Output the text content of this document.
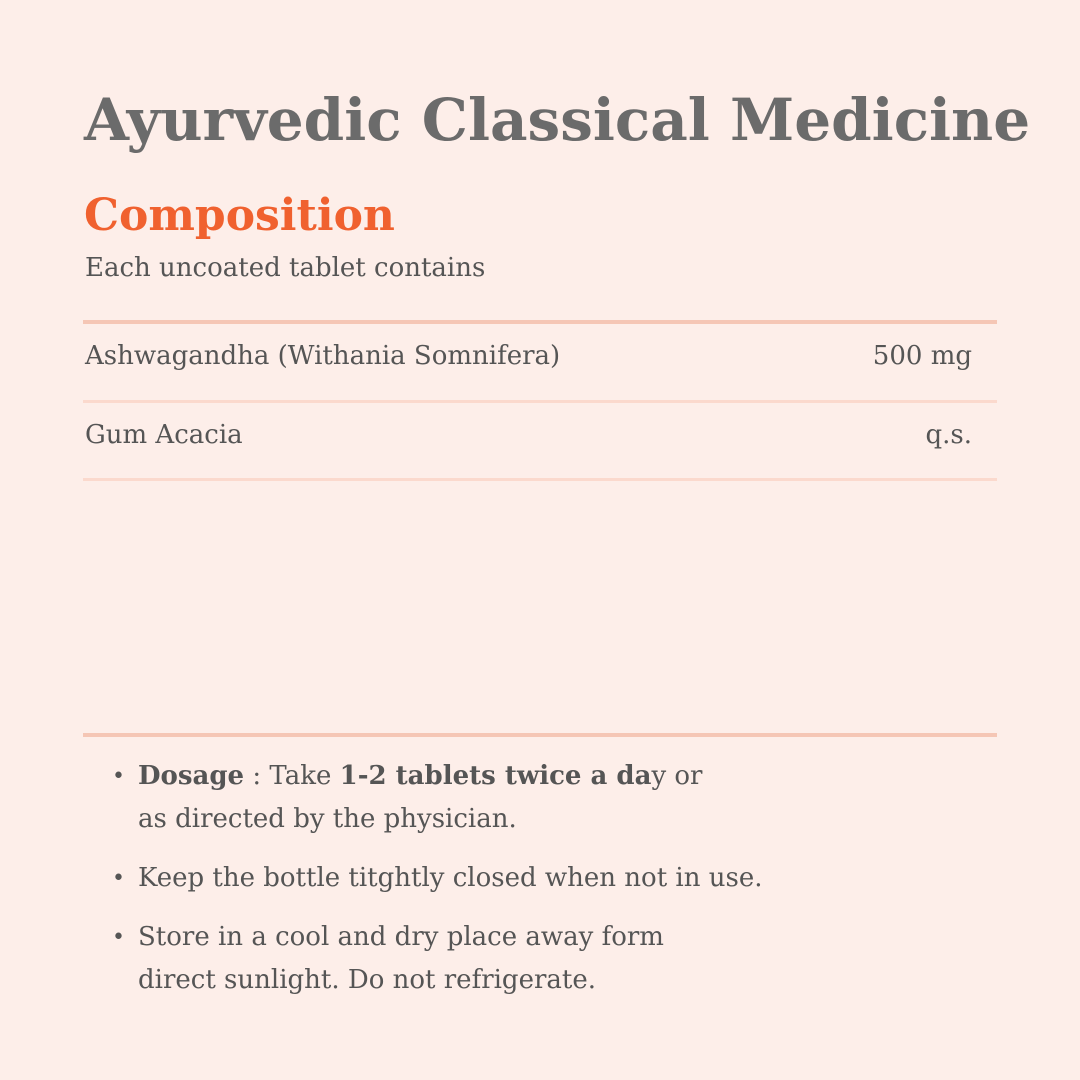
Ayurvedic Classical Medicine
Composition
Each uncoated tablet contains
Ashwagandha (Withania Somnifera)	500 mg
Gum Acacia	q.s.
• Dosage : Take 1-2 tablets twice a day or
as directed by the physician.
• Keep the bottle titghtly closed when not in use.
• Store in a cool and dry place away form
direct sunlight. Do not refrigerate.
